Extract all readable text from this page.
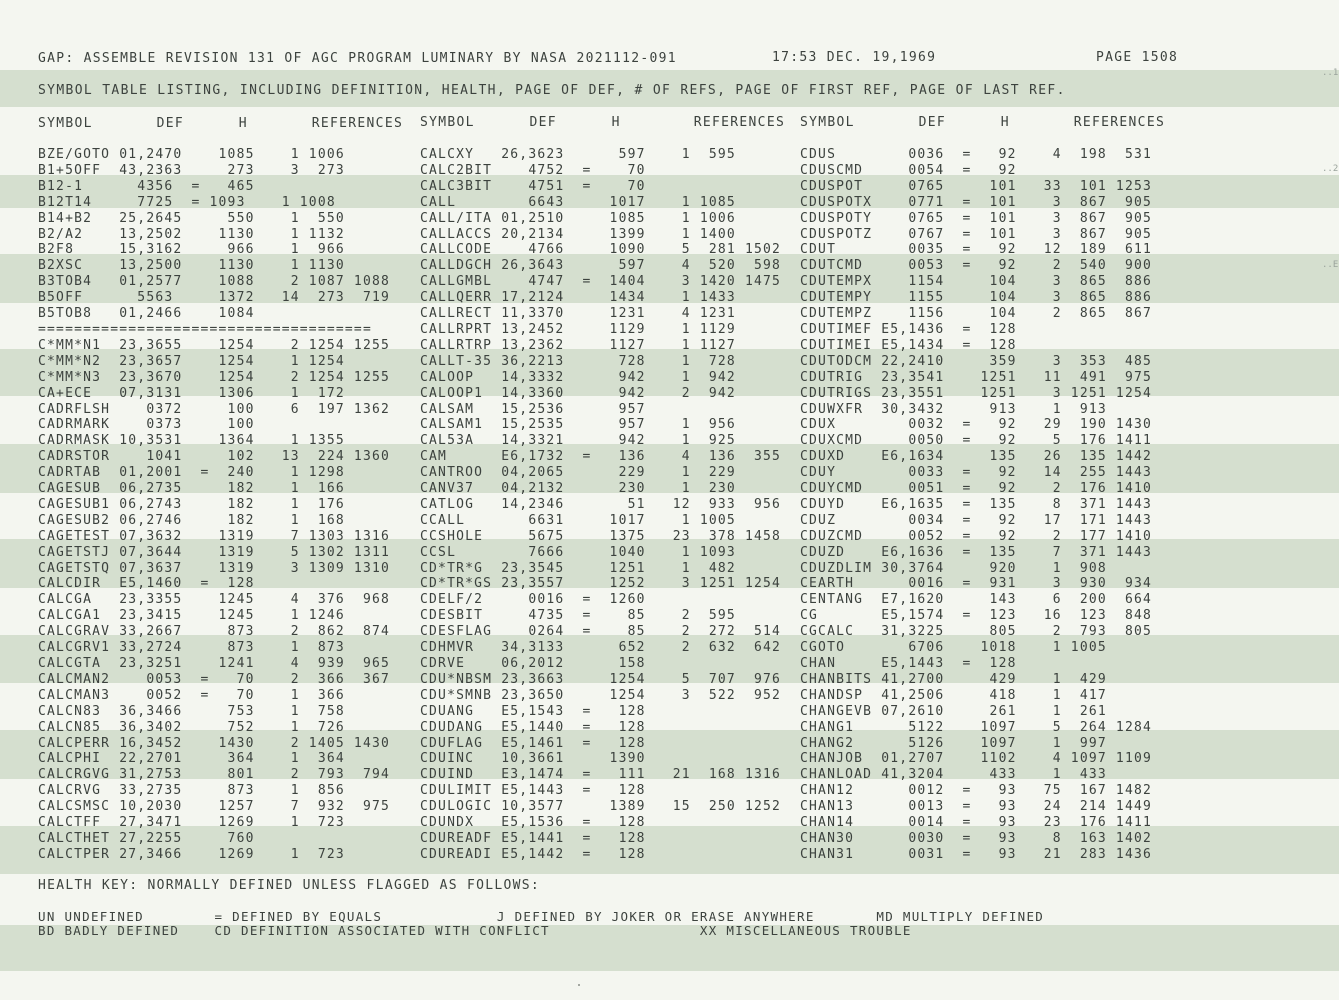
GAP: ASSEMBLE REVISION 131 OF AGC PROGRAM LUMINARY BY NASA 2021112-091	17:53 DEC. 19,1969	PAGE 1508
SYMBOL TABLE LISTING, INCLUDING DEFINITION, HEALTH, PAGE OF DEF, # OF REFS, PAGE OF FIRST REF, PAGE OF LAST REF.
SYMBOL       DEF      H       REFERENCES SYMBOL      DEF      H        REFERENCES SYMBOL       DEF      H       REFERENCES
BZE/GOTO 01,2470    1085    1 1006
B1+5OFF  43,2363     273    3  273
B12-1      4356  =   465
B12T14     7725  = 1093    1 1008
B14+B2   25,2645     550    1  550
B2/A2    13,2502    1130    1 1132
B2F8     15,3162     966    1  966
B2XSC    13,2500    1130    1 1130
B3TOB4   01,2577    1088    2 1087 1088
B5OFF      5563     1372   14  273  719
B5TOB8   01,2466    1084
=====================================
C*MM*N1  23,3655    1254    2 1254 1255
C*MM*N2  23,3657    1254    1 1254
C*MM*N3  23,3670    1254    2 1254 1255
CA+ECE   07,3131    1306    1  172
CADRFLSH    0372     100    6  197 1362
CADRMARK    0373     100
CADRMASK 10,3531    1364    1 1355
CADRSTOR    1041     102   13  224 1360
CADRTAB  01,2001  =  240    1 1298
CAGESUB  06,2735     182    1  166
CAGESUB1 06,2743     182    1  176
CAGESUB2 06,2746     182    1  168
CAGETEST 07,3632    1319    7 1303 1316
CAGETSTJ 07,3644    1319    5 1302 1311
CAGETSTQ 07,3637    1319    3 1309 1310
CALCDIR  E5,1460  =  128
CALCGA   23,3355    1245    4  376  968
CALCGA1  23,3415    1245    1 1246
CALCGRAV 33,2667     873    2  862  874
CALCGRV1 33,2724     873    1  873
CALCGTA  23,3251    1241    4  939  965
CALCMAN2    0053  =   70    2  366  367
CALCMAN3    0052  =   70    1  366
CALCN83  36,3466     753    1  758
CALCN85  36,3402     752    1  726
CALCPERR 16,3452    1430    2 1405 1430
CALCPHI  22,2701     364    1  364
CALCRGVG 31,2753     801    2  793  794
CALCRVG  33,2735     873    1  856
CALCSMSC 10,2030    1257    7  932  975
CALCTFF  27,3471    1269    1  723
CALCTHET 27,2255     760
CALCTPER 27,3466    1269    1  723
CALCXY   26,3623      597    1  595
CALC2BIT    4752  =    70
CALC3BIT    4751  =    70
CALL        6643     1017    1 1085
CALL/ITA 01,2510     1085    1 1006
CALLACCS 20,2134     1399    1 1400
CALLCODE    4766     1090    5  281 1502
CALLDGCH 26,3643      597    4  520  598
CALLGMBL    4747  =  1404    3 1420 1475
CALLQERR 17,2124     1434    1 1433
CALLRECT 11,3370     1231    4 1231
CALLRPRT 13,2452     1129    1 1129
CALLRTRP 13,2362     1127    1 1127
CALLT-35 36,2213      728    1  728
CALOOP   14,3332      942    1  942
CALOOP1  14,3360      942    2  942
CALSAM   15,2536      957
CALSAM1  15,2535      957    1  956
CAL53A   14,3321      942    1  925
CAM      E6,1732  =   136    4  136  355
CANTROO  04,2065      229    1  229
CANV37   04,2132      230    1  230
CATLOG   14,2346       51   12  933  956
CCALL       6631     1017    1 1005
CCSHOLE     5675     1375   23  378 1458
CCSL        7666     1040    1 1093
CD*TR*G  23,3545     1251    1  482
CD*TR*GS 23,3557     1252    3 1251 1254
CDELF/2     0016  =  1260
CDESBIT     4735  =    85    2  595
CDESFLAG    0264  =    85    2  272  514
CDHMVR   34,3133      652    2  632  642
CDRVE    06,2012      158
CDU*NBSM 23,3663     1254    5  707  976
CDU*SMNB 23,3650     1254    3  522  952
CDUANG   E5,1543  =   128
CDUDANG  E5,1440  =   128
CDUFLAG  E5,1461  =   128
CDUINC   10,3661     1390
CDUIND   E3,1474  =   111   21  168 1316
CDULIMIT E5,1443  =   128
CDULOGIC 10,3577     1389   15  250 1252
CDUNDX   E5,1536  =   128
CDUREADF E5,1441  =   128
CDUREADI E5,1442  =   128
CDUS        0036  =   92    4  198  531
CDUSCMD     0054  =   92
CDUSPOT     0765     101   33  101 1253
CDUSPOTX    0771  =  101    3  867  905
CDUSPOTY    0765  =  101    3  867  905
CDUSPOTZ    0767  =  101    3  867  905
CDUT        0035  =   92   12  189  611
CDUTCMD     0053  =   92    2  540  900
CDUTEMPX    1154     104    3  865  886
CDUTEMPY    1155     104    3  865  886
CDUTEMPZ    1156     104    2  865  867
CDUTIMEF E5,1436  =  128
CDUTIMEI E5,1434  =  128
CDUTODCM 22,2410     359    3  353  485
CDUTRIG  23,3541    1251   11  491  975
CDUTRIGS 23,3551    1251    3 1251 1254
CDUWXFR  30,3432     913    1  913
CDUX        0032  =   92   29  190 1430
CDUXCMD     0050  =   92    5  176 1411
CDUXD    E6,1634     135   26  135 1442
CDUY        0033  =   92   14  255 1443
CDUYCMD     0051  =   92    2  176 1410
CDUYD    E6,1635  =  135    8  371 1443
CDUZ        0034  =   92   17  171 1443
CDUZCMD     0052  =   92    2  177 1410
CDUZD    E6,1636  =  135    7  371 1443
CDUZDLIM 30,3764     920    1  908
CEARTH      0016  =  931    3  930  934
CENTANG  E7,1620     143    6  200  664
CG       E5,1574  =  123   16  123  848
CGCALC   31,3225     805    2  793  805
CGOTO       6706    1018    1 1005
CHAN     E5,1443  =  128
CHANBITS 41,2700     429    1  429
CHANDSP  41,2506     418    1  417
CHANGEVB 07,2610     261    1  261
CHANG1      5122    1097    5  264 1284
CHANG2      5126    1097    1  997
CHANJOB  01,2707    1102    4 1097 1109
CHANLOAD 41,3204     433    1  433
CHAN12      0012  =   93   75  167 1482
CHAN13      0013  =   93   24  214 1449
CHAN14      0014  =   93   23  176 1411
CHAN30      0030  =   93    8  163 1402
CHAN31      0031  =   93   21  283 1436
HEALTH KEY: NORMALLY DEFINED UNLESS FLAGGED AS FOLLOWS:
UN UNDEFINED        = DEFINED BY EQUALS             J DEFINED BY JOKER OR ERASE ANYWHERE       MD MULTIPLY DEFINED
BD BADLY DEFINED    CD DEFINITION ASSOCIATED WITH CONFLICT                 XX MISCELLANEOUS TROUBLE
..1
..2
..E
